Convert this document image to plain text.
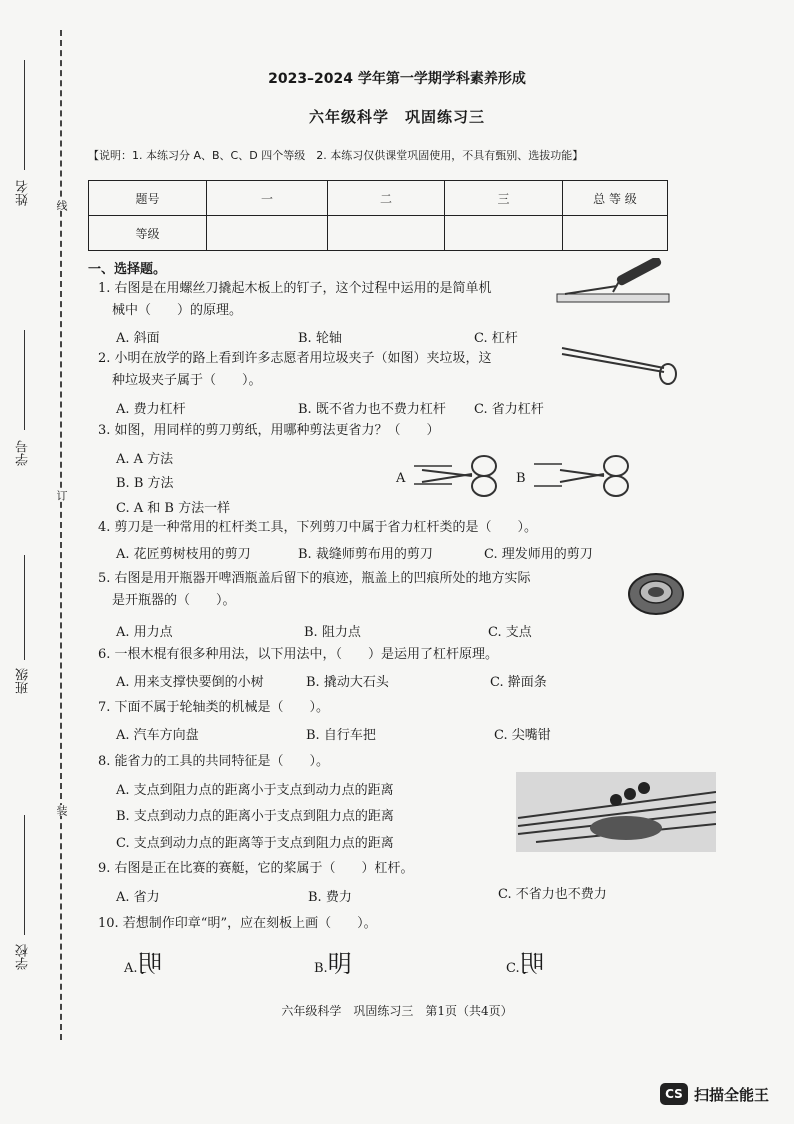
姓名
学号
班级
学校
线
订
装
2023–2024 学年第一学期学科素养形成
六年级科学　巩固练习三
【说明：1. 本练习分 A、B、C、D 四个等级　2. 本练习仅供课堂巩固使用，不具有甄别、选拔功能】
题号	一	二	三	总 等 级
等级				
一、选择题。
1. 右图是在用螺丝刀撬起木板上的钉子，这个过程中运用的是简单机
械中（　　）的原理。
A. 斜面	B. 轮轴	C. 杠杆
2. 小明在放学的路上看到许多志愿者用垃圾夹子（如图）夹垃圾，这
种垃圾夹子属于（　　）。
A. 费力杠杆	B. 既不省力也不费力杠杆 C. 省力杠杆
3. 如图，用同样的剪刀剪纸，用哪种剪法更省力？（　　）
A. A 方法
B. B 方法
C. A 和 B 方法一样
A	B
4. 剪刀是一种常用的杠杆类工具，下列剪刀中属于省力杠杆类的是（　　）。
A. 花匠剪树枝用的剪刀	B. 裁缝师剪布用的剪刀	C. 理发师用的剪刀
5. 右图是用开瓶器开啤酒瓶盖后留下的痕迹，瓶盖上的凹痕所处的地方实际
是开瓶器的（　　）。
A. 用力点	B. 阻力点	C. 支点
6. 一根木棍有很多种用法，以下用法中，（　　）是运用了杠杆原理。
A. 用来支撑快要倒的小树	B. 撬动大石头	C. 擀面条
7. 下面不属于轮轴类的机械是（　　）。
A. 汽车方向盘	B. 自行车把	C. 尖嘴钳
8. 能省力的工具的共同特征是（　　）。
A. 支点到阻力点的距离小于支点到动力点的距离
B. 支点到动力点的距离小于支点到阻力点的距离
C. 支点到动力点的距离等于支点到阻力点的距离
9. 右图是正在比赛的赛艇，它的桨属于（　　）杠杆。
A. 省力	B. 费力	C. 不省力也不费力
10. 若想制作印章“明”，应在刻板上画（　　）。
A.明	B.明	C.明
六年级科学　巩固练习三　第1页（共4页）
CS 扫描全能王
